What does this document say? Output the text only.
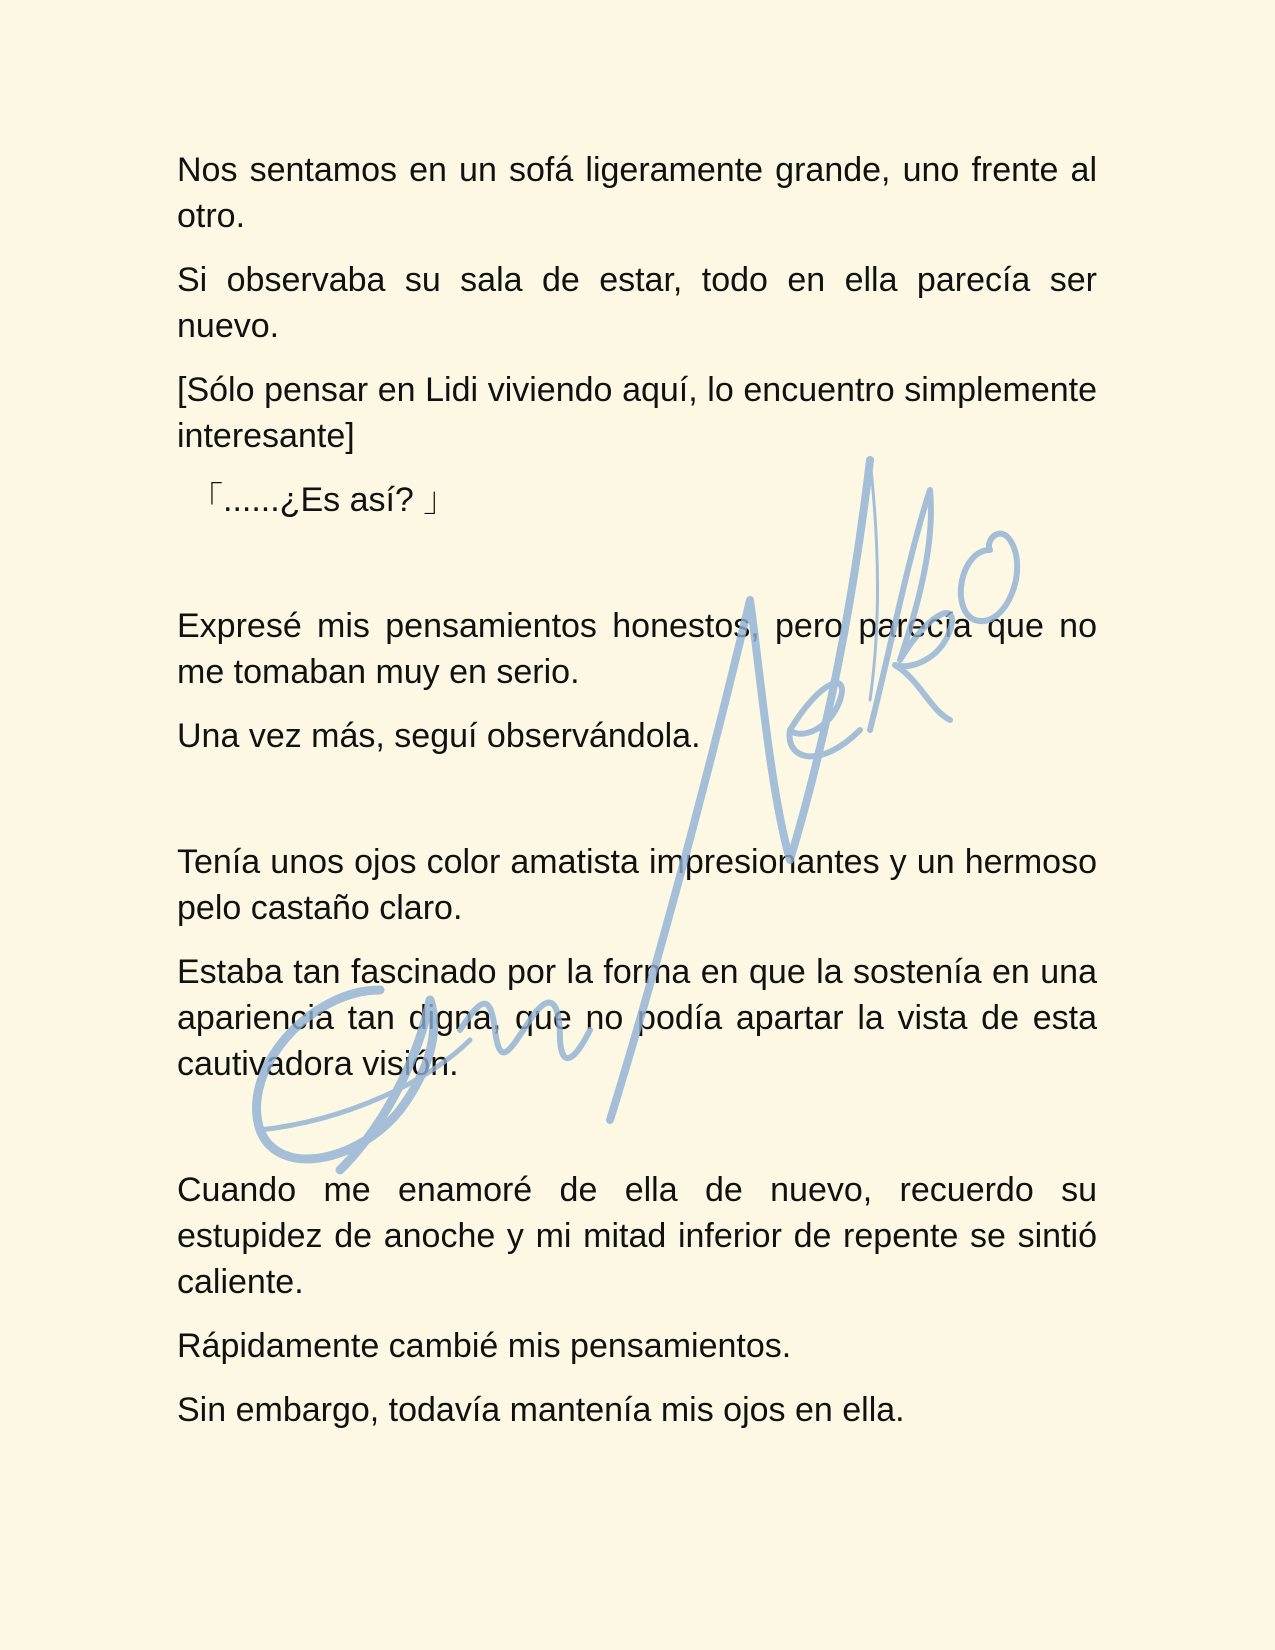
Nos sentamos en un sofá ligeramente grande, uno frente al otro.

Si observaba su sala de estar, todo en ella parecía ser nuevo.

[Sólo pensar en Lidi viviendo aquí, lo encuentro simplemente interesante]

「......¿Es así? 」

Expresé mis pensamientos honestos, pero parecía que no me tomaban muy en serio.

Una vez más, seguí observándola.

Tenía unos ojos color amatista impresionantes y un hermoso pelo castaño claro.

Estaba tan fascinado por la forma en que la sostenía en una apariencia tan digna, que no podía apartar la vista de esta cautivadora visión.

Cuando me enamoré de ella de nuevo, recuerdo su estupidez de anoche y mi mitad inferior de repente se sintió caliente.

Rápidamente cambié mis pensamientos.

Sin embargo, todavía mantenía mis ojos en ella.
